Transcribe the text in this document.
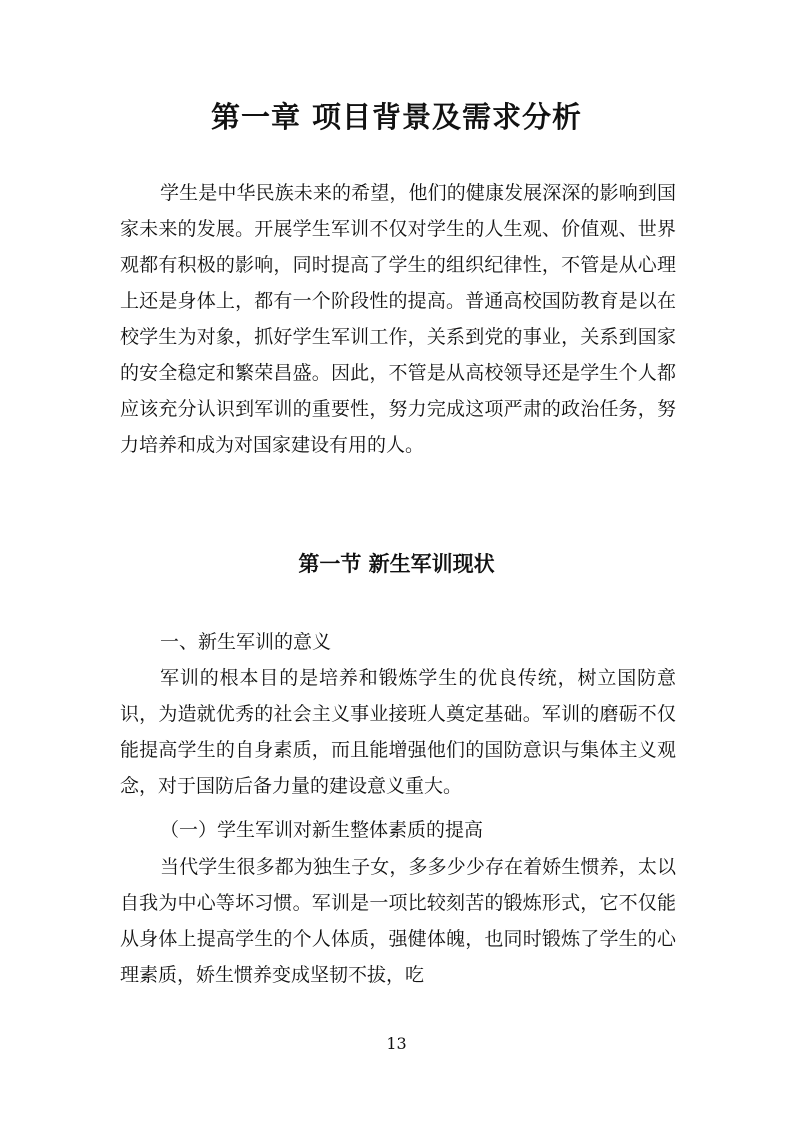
第一章 项目背景及需求分析

学生是中华民族未来的希望，他们的健康发展深深的影响到国家未来的发展。开展学生军训不仅对学生的人生观、价值观、世界观都有积极的影响，同时提高了学生的组织纪律性，不管是从心理上还是身体上，都有一个阶段性的提高。普通高校国防教育是以在校学生为对象，抓好学生军训工作，关系到党的事业，关系到国家的安全稳定和繁荣昌盛。因此，不管是从高校领导还是学生个人都应该充分认识到军训的重要性，努力完成这项严肃的政治任务，努力培养和成为对国家建设有用的人。

第一节 新生军训现状
一、新生军训的意义

军训的根本目的是培养和锻炼学生的优良传统，树立国防意识，为造就优秀的社会主义事业接班人奠定基础。军训的磨砺不仅能提高学生的自身素质，而且能增强他们的国防意识与集体主义观念，对于国防后备力量的建设意义重大。

（一）学生军训对新生整体素质的提高

当代学生很多都为独生子女，多多少少存在着娇生惯养，太以自我为中心等坏习惯。军训是一项比较刻苦的锻炼形式，它不仅能从身体上提高学生的个人体质，强健体魄，也同时锻炼了学生的心理素质，娇生惯养变成坚韧不拔，吃

13
